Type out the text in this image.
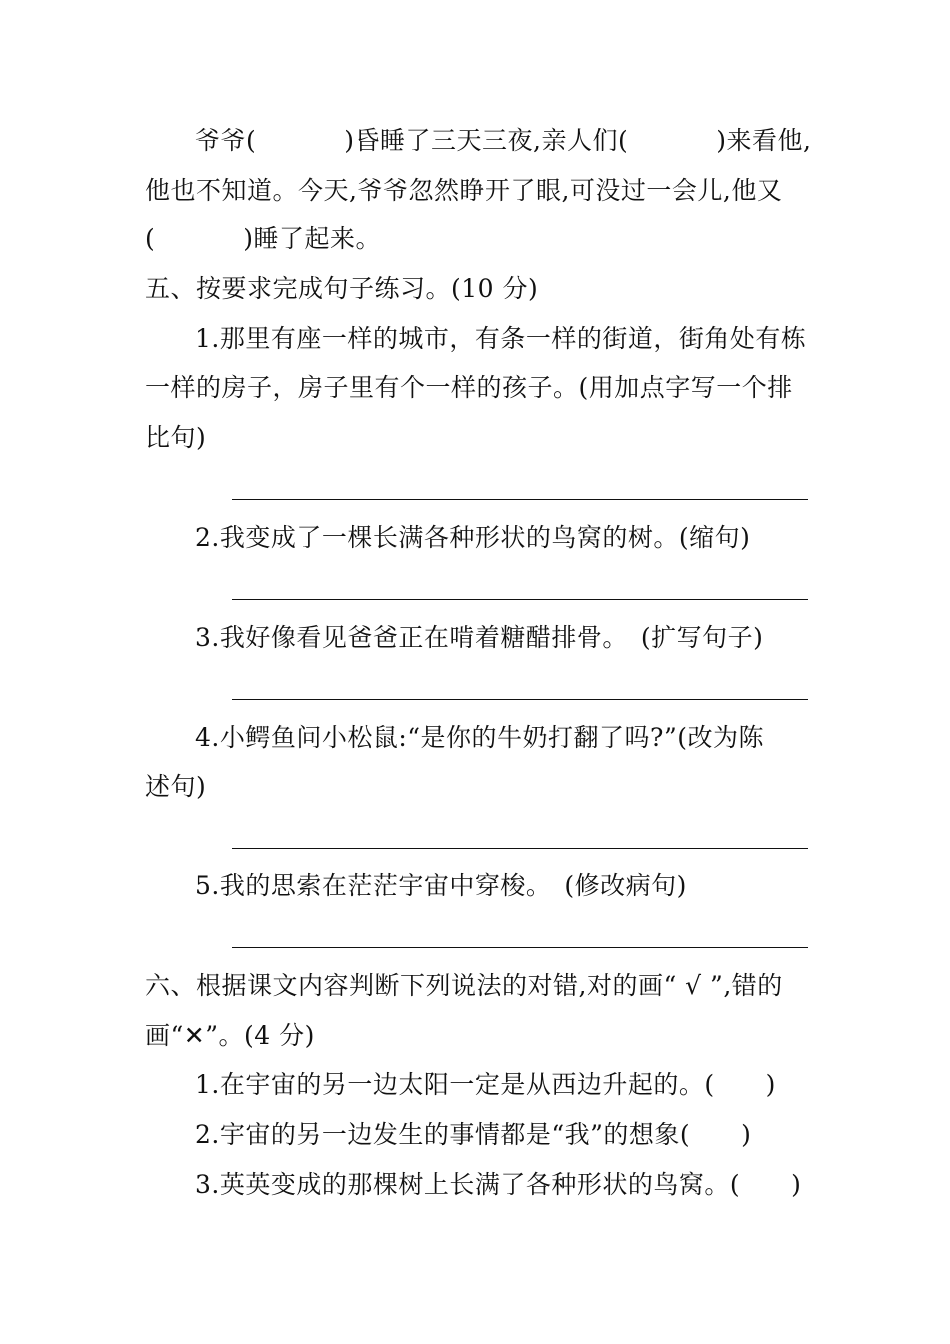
爷爷(	)昏睡了三天三夜,亲人们(	)来看他,
他也不知道。今天,爷爷忽然睁开了眼,可没过一会儿,他又
(	)睡了起来。
五、按要求完成句子练习。(10 分)
1.那里有座一样的城市，有条一样的街道，街角处有栋
一样的房子，房子里有个一样的孩子。(用加点字写一个排
比句)
2.我变成了一棵长满各种形状的鸟窝的树。(缩句)
3.我好像看见爸爸正在啃着糖醋排骨。　(扩写句子)
4.小鳄鱼问小松鼠:“是你的牛奶打翻了吗?”(改为陈
述句)
5.我的思索在茫茫宇宙中穿梭。　(修改病句)
六、根据课文内容判断下列说法的对错,对的画“ √ ”,错的
画“✕”。(4 分)
1.在宇宙的另一边太阳一定是从西边升起的。(　　)
2.宇宙的另一边发生的事情都是“我”的想象(　　)
3.英英变成的那棵树上长满了各种形状的鸟窝。(　　)
